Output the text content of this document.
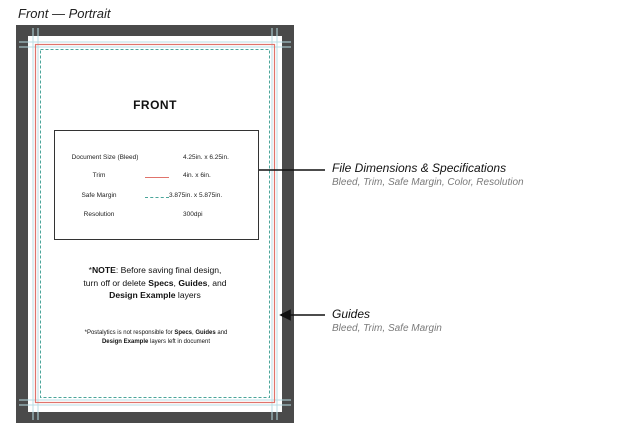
Front — Portrait
FRONT
Document Size (Bleed)	4.25in. x 6.25in.
Trim	4in. x 6in.
Safe Margin	3.875in. x 5.875in.
Resolution	300dpi
*NOTE: Before saving final design,
turn off or delete Specs, Guides, and
Design Example layers
*Postalytics is not responsible for Specs, Guides and
Design Example layers left in document
File Dimensions & Specifications
Bleed, Trim, Safe Margin, Color, Resolution
Guides
Bleed, Trim, Safe Margin
